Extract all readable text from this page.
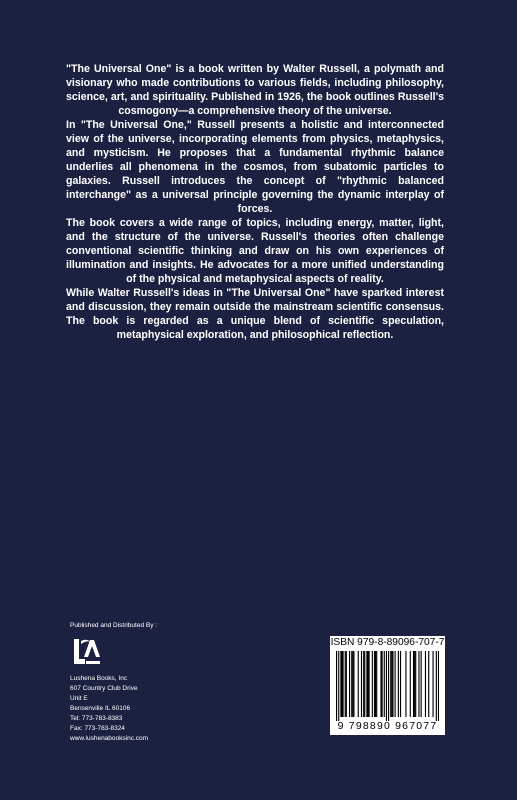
"The Universal One" is a book written by Walter Russell, a polymath and visionary who made contributions to various fields, including philosophy, science, art, and spirituality. Published in 1926, the book outlines Russell's cosmogony—a comprehensive theory of the universe.

In "The Universal One," Russell presents a holistic and interconnected view of the universe, incorporating elements from physics, metaphysics, and mysticism. He proposes that a fundamental rhythmic balance underlies all phenomena in the cosmos, from subatomic particles to galaxies. Russell introduces the concept of "rhythmic balanced interchange" as a universal principle governing the dynamic interplay of forces.

The book covers a wide range of topics, including energy, matter, light, and the structure of the universe. Russell's theories often challenge conventional scientific thinking and draw on his own experiences of illumination and insights. He advocates for a more unified understanding of the physical and metaphysical aspects of reality.

While Walter Russell's ideas in "The Universal One" have sparked interest and discussion, they remain outside the mainstream scientific consensus. The book is regarded as a unique blend of scientific speculation, metaphysical exploration, and philosophical reflection.

Published and Distributed By :
Lushena Books, Inc
607 Country Club Drive
Unit E
Bensenville IL 60106
Tel: 773-783-8383
Fax: 773-783-8324
www.lushenabooksinc.com
ISBN 979-8-89096-707-7
9 798890 967077
